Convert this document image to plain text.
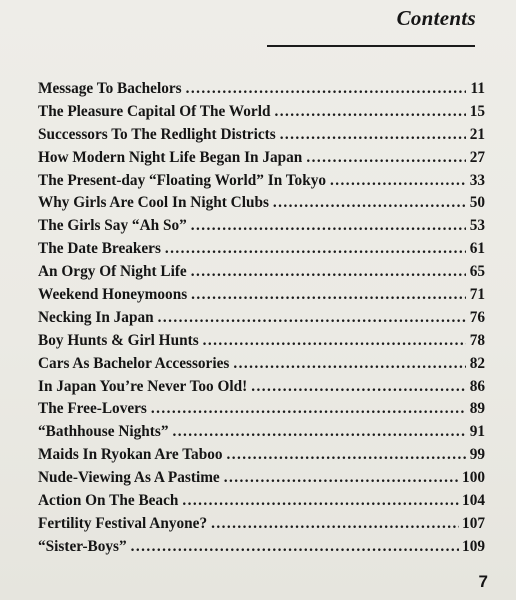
Contents
Message To Bachelors . . .	11
The Pleasure Capital Of The World . . .	15
Successors To The Redlight Districts . . .	21
How Modern Night Life Began In Japan . . .	27
The Present-day “Floating World” In Tokyo . . .	33
Why Girls Are Cool In Night Clubs . . .	50
The Girls Say “Ah So” . . .	53
The Date Breakers . . .	61
An Orgy Of Night Life . . .	65
Weekend Honeymoons . . .	71
Necking In Japan . . .	76
Boy Hunts & Girl Hunts . . .	78
Cars As Bachelor Accessories . . .	82
In Japan You’re Never Too Old! . . .	86
The Free-Lovers . . .	89
“Bathhouse Nights” . . .	91
Maids In Ryokan Are Taboo . . .	99
Nude-Viewing As A Pastime . . .	100
Action On The Beach . . .	104
Fertility Festival Anyone? . . .	107
“Sister-Boys” . . .	109
7
